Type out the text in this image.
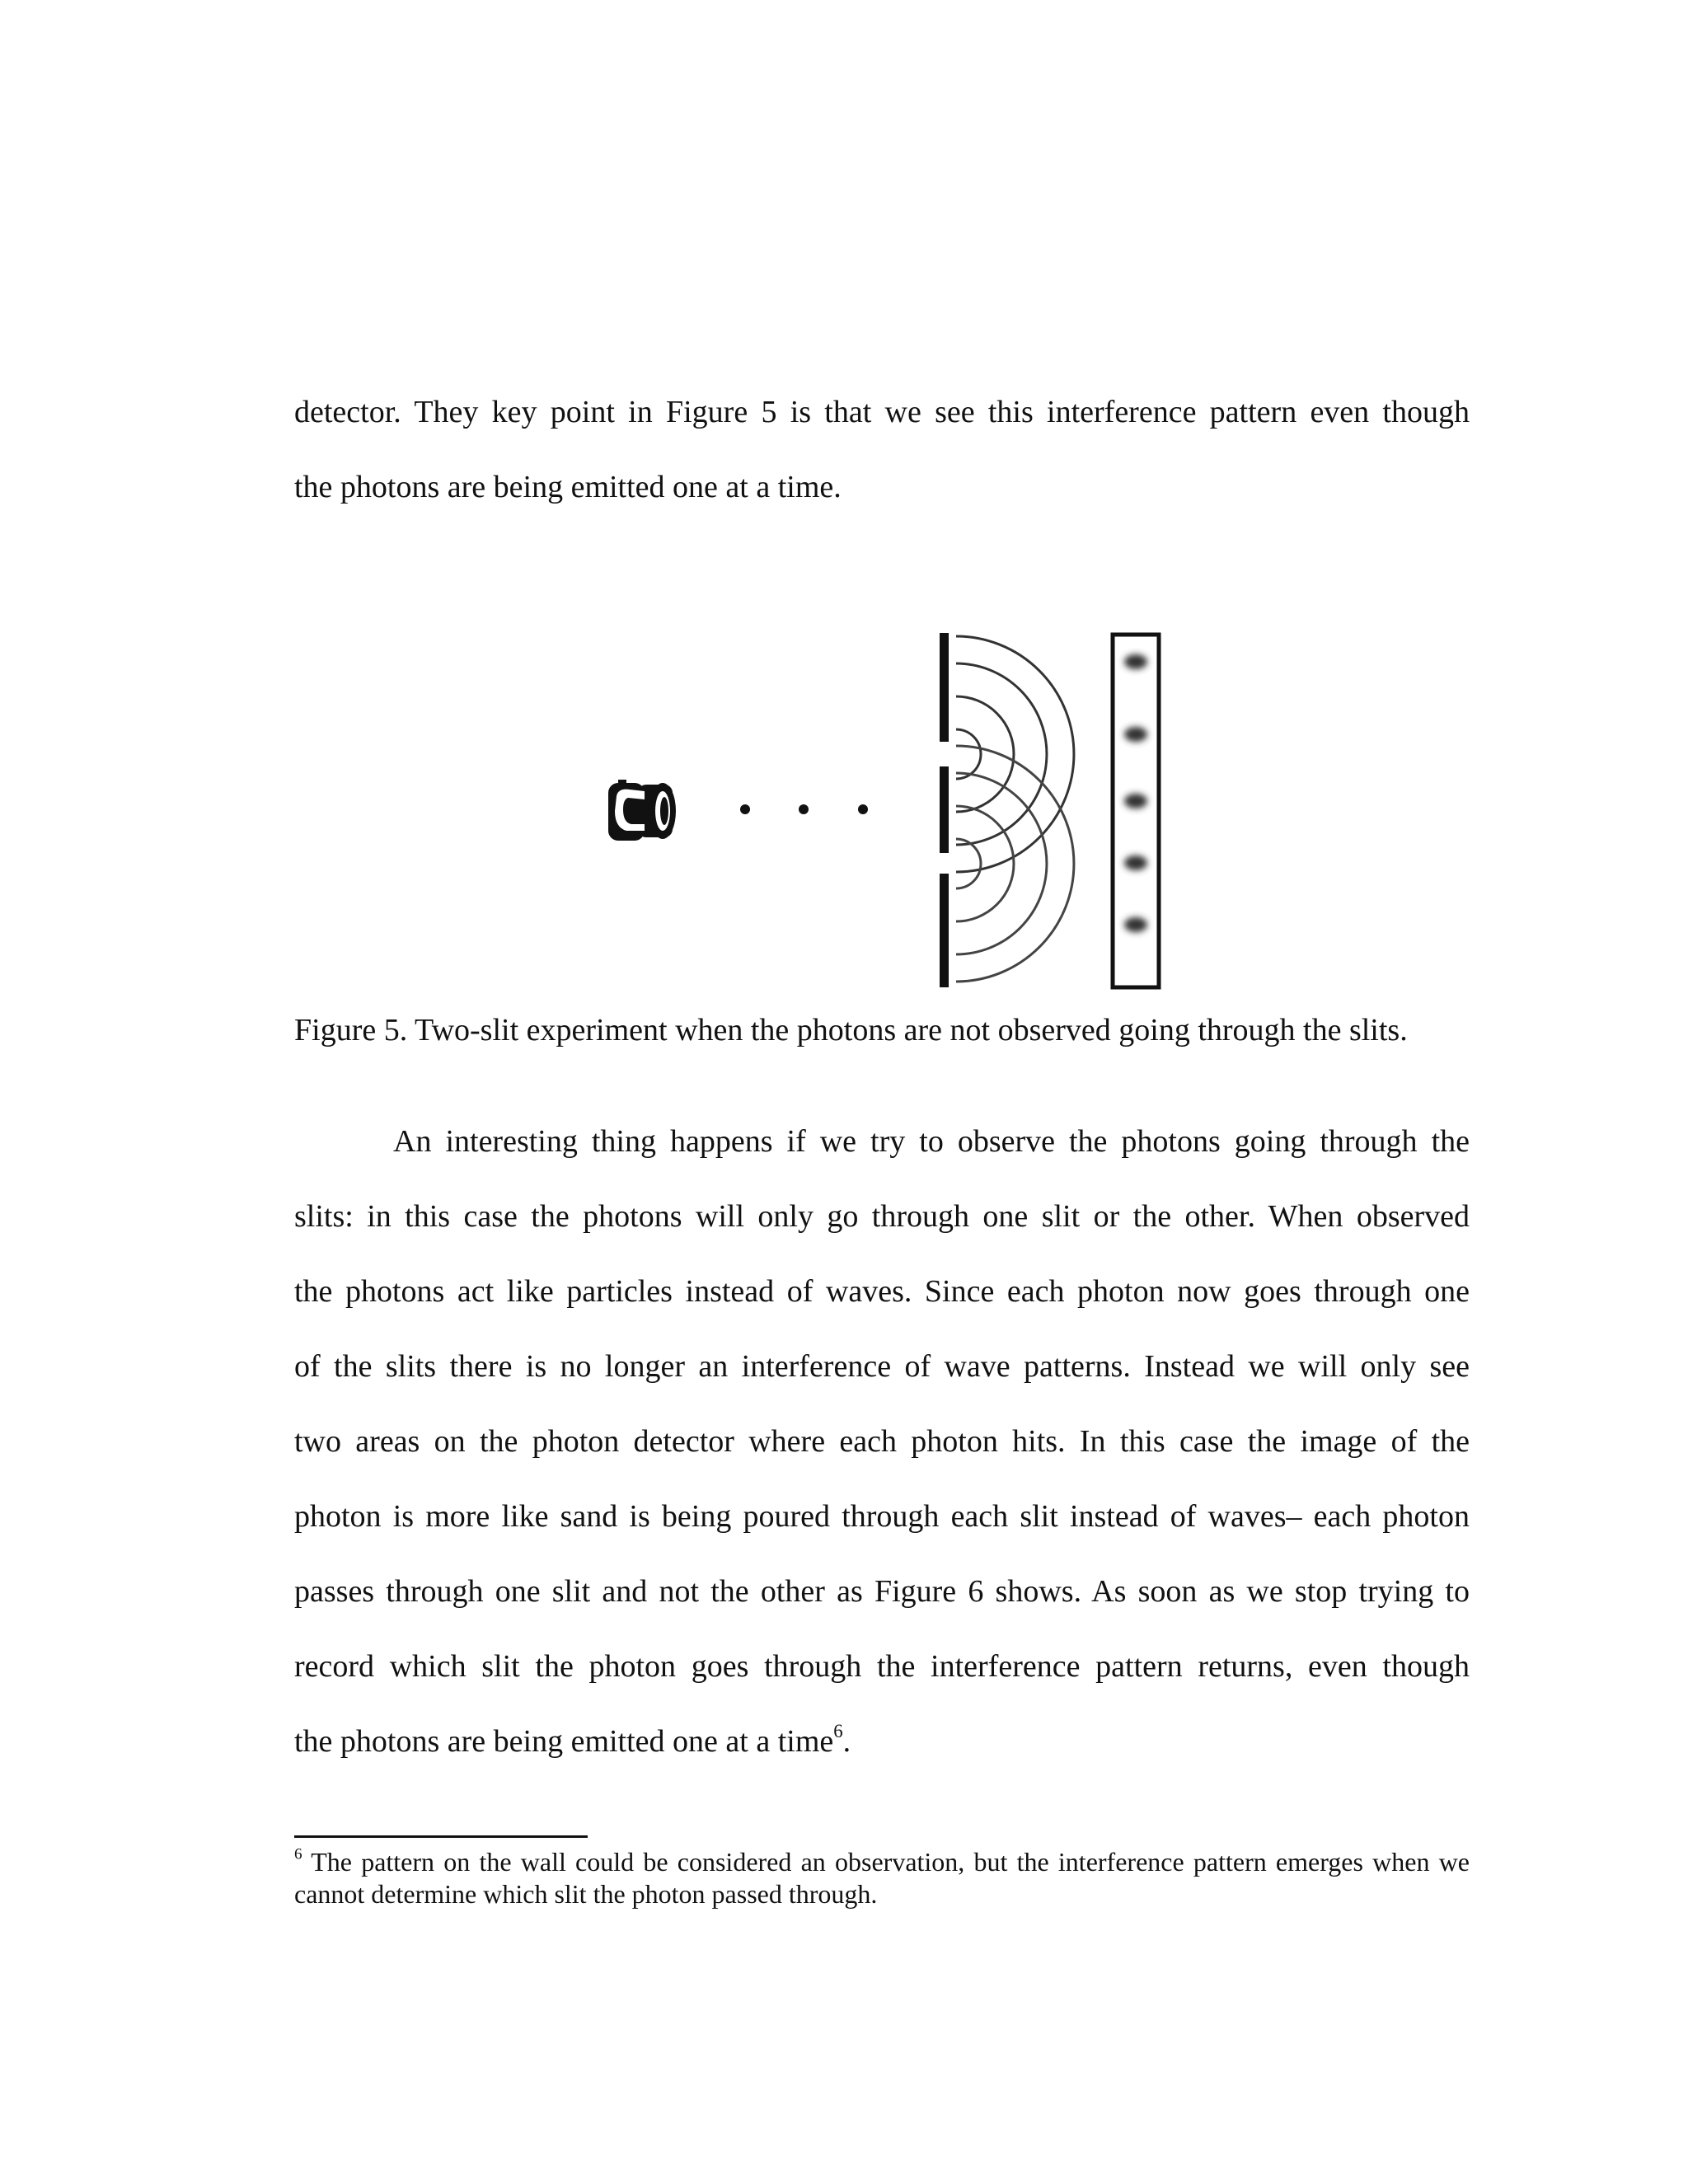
detector. They key point in Figure 5 is that we see this interference pattern even though
the photons are being emitted one at a time.
Figure 5. Two-slit experiment when the photons are not observed going through the slits.
An interesting thing happens if we try to observe the photons going through the
slits: in this case the photons will only go through one slit or the other. When observed
the photons act like particles instead of waves. Since each photon now goes through one
of the slits there is no longer an interference of wave patterns. Instead we will only see
two areas on the photon detector where each photon hits. In this case the image of the
photon is more like sand is being poured through each slit instead of waves– each photon
passes through one slit and not the other as Figure 6 shows. As soon as we stop trying to
record which slit the photon goes through the interference pattern returns, even though
the photons are being emitted one at a time$^6$.
$^6$ The pattern on the wall could be considered an observation, but the interference pattern emerges when we
cannot determine which slit the photon passed through.
